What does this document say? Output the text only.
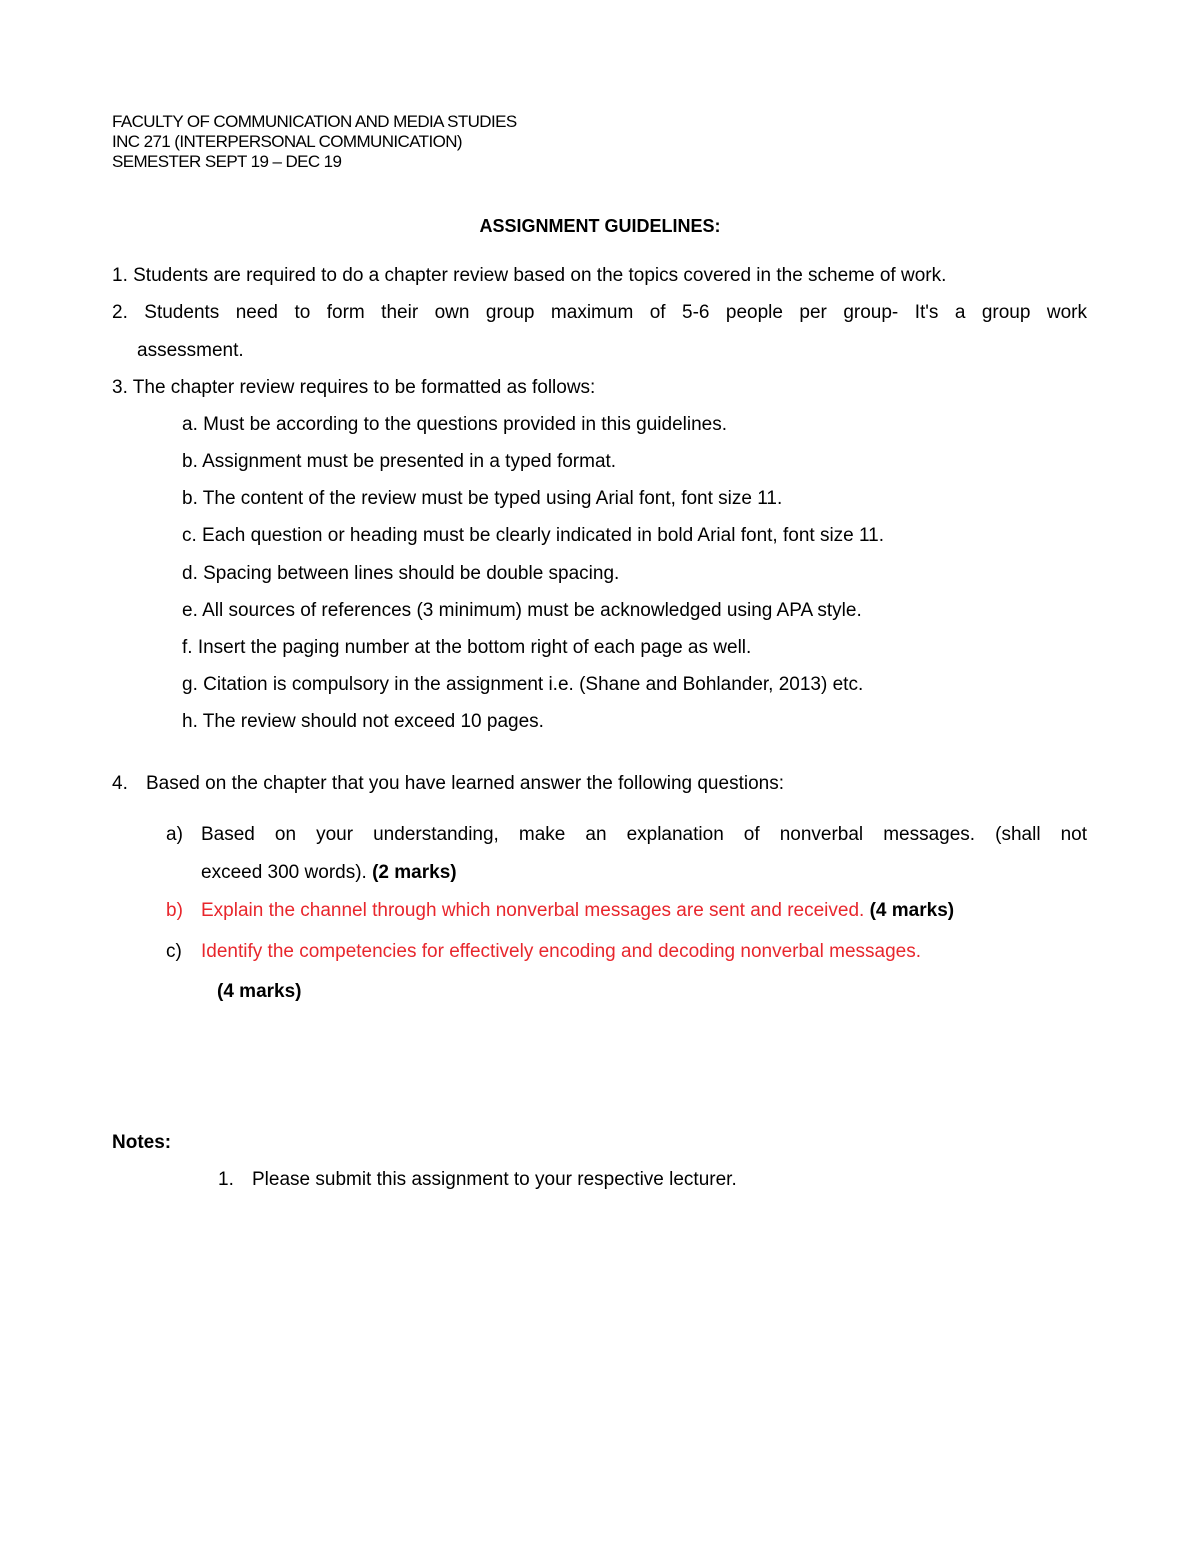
FACULTY OF COMMUNICATION AND MEDIA STUDIES
INC 271 (INTERPERSONAL COMMUNICATION)
SEMESTER SEPT 19 – DEC 19
ASSIGNMENT GUIDELINES:
1. Students are required to do a chapter review based on the topics covered in the scheme of work.
2. Students need to form their own group maximum of 5-6 people per group- It's a group work
assessment.
3. The chapter review requires to be formatted as follows:
a. Must be according to the questions provided in this guidelines.
b. Assignment must be presented in a typed format.
b. The content of the review must be typed using Arial font, font size 11.
c. Each question or heading must be clearly indicated in bold Arial font, font size 11.
d. Spacing between lines should be double spacing.
e. All sources of references (3 minimum) must be acknowledged using APA style.
f. Insert the paging number at the bottom right of each page as well.
g. Citation is compulsory in the assignment i.e. (Shane and Bohlander, 2013) etc.
h. The review should not exceed 10 pages.
4. Based on the chapter that you have learned answer the following questions:
a) Based on your understanding, make an explanation of nonverbal messages. (shall not
exceed 300 words). (2 marks)
b) Explain the channel through which nonverbal messages are sent and received. (4 marks)
c) Identify the competencies for effectively encoding and decoding nonverbal messages.
(4 marks)
Notes:
1. Please submit this assignment to your respective lecturer.
